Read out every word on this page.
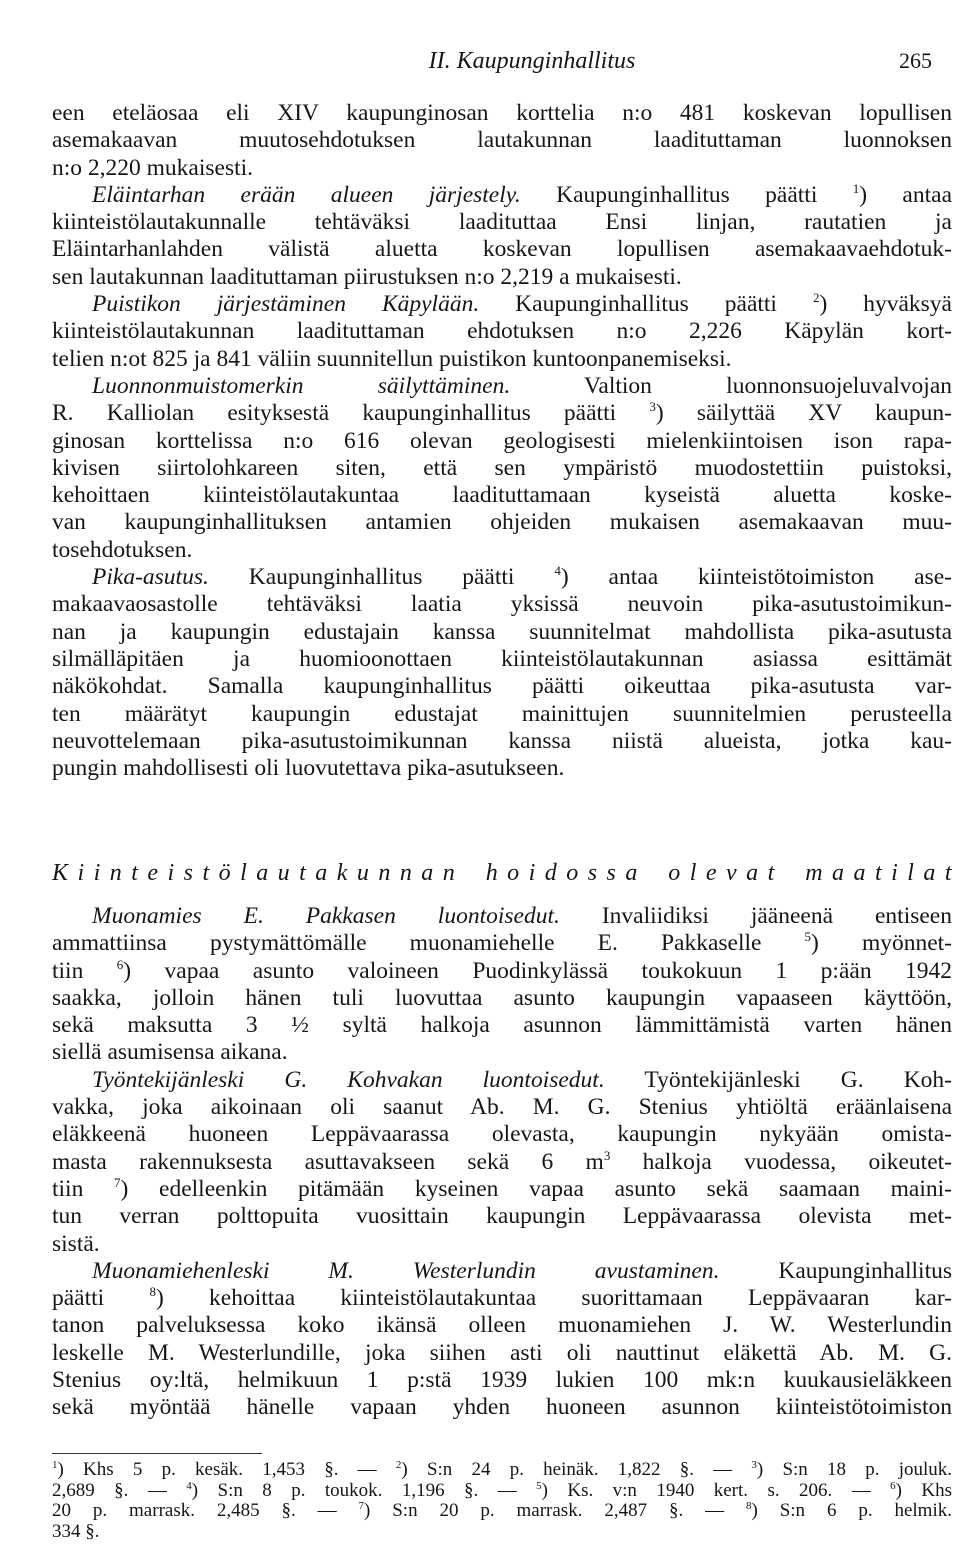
II. Kaupunginhallitus	265
een eteläosaa eli XIV kaupunginosan korttelia n:o 481 koskevan lopullisen
asemakaavan muutosehdotuksen lautakunnan laadituttaman luonnoksen
n:o 2,220 mukaisesti.
Eläintarhan erään alueen järjestely. Kaupunginhallitus päätti $^1$) antaa
kiinteistölautakunnalle tehtäväksi laadituttaa Ensi linjan, rautatien ja
Eläintarhanlahden välistä aluetta koskevan lopullisen asemakaavaehdotuk-
sen lautakunnan laadituttaman piirustuksen n:o 2,219 a mukaisesti.
Puistikon järjestäminen Käpylään. Kaupunginhallitus päätti $^2$) hyväksyä
kiinteistölautakunnan laadituttaman ehdotuksen n:o 2,226 Käpylän kort-
telien n:ot 825 ja 841 väliin suunnitellun puistikon kuntoonpanemiseksi.
Luonnonmuistomerkin säilyttäminen.	Valtion luonnonsuojeluvalvojan
R. Kalliolan esityksestä kaupunginhallitus päätti $^3$) säilyttää XV kaupun-
ginosan korttelissa n:o 616 olevan geologisesti mielenkiintoisen ison rapa-
kivisen siirtolohkareen siten, että sen ympäristö muodostettiin puistoksi,
kehoittaen kiinteistölautakuntaa laadituttamaan kyseistä aluetta koske-
van kaupunginhallituksen antamien ohjeiden mukaisen asemakaavan muu-
tosehdotuksen.
Pika-asutus. Kaupunginhallitus päätti $^4$) antaa kiinteistötoimiston ase-
makaavaosastolle tehtäväksi laatia yksissä neuvoin pika-asutustoimikun-
nan ja kaupungin edustajain kanssa suunnitelmat mahdollista pika-asutusta
silmälläpitäen ja huomioonottaen kiinteistölautakunnan asiassa esittämät
näkökohdat. Samalla kaupunginhallitus päätti oikeuttaa pika-asutusta var-
ten määrätyt kaupungin edustajat mainittujen suunnitelmien perusteella
neuvottelemaan pika-asutustoimikunnan kanssa niistä alueista, jotka kau-
pungin mahdollisesti oli luovutettava pika-asutukseen.
K i i n t e i s t ö l a u t a k u n n a n
h o i d o s s a
o l e v a t
m a a t i l a t
Muonamies E. Pakkasen luontoisedut. Invaliidiksi jääneenä entiseen
ammattiinsa pystymättömälle muonamiehelle E. Pakkaselle $^5$) myönnet-
tiin $^6$) vapaa asunto valoineen Puodinkylässä toukokuun 1 p:ään 1942
saakka, jolloin hänen tuli luovuttaa asunto kaupungin vapaaseen käyttöön,
sekä maksutta 3 ½ syltä halkoja asunnon lämmittämistä varten hänen
siellä asumisensa aikana.
Työntekijänleski G. Kohvakan luontoisedut. Työntekijänleski G. Koh-
vakka, joka aikoinaan oli saanut Ab. M. G. Stenius yhtiöltä eräänlaisena
eläkkeenä huoneen Leppävaarassa olevasta, kaupungin nykyään omista-
masta rakennuksesta asuttavakseen sekä 6 $m^3$ halkoja vuodessa, oikeutet-
tiin $^7$) edelleenkin pitämään kyseinen vapaa asunto sekä saamaan maini-
tun verran polttopuita vuosittain kaupungin Leppävaarassa olevista met-
sistä.
Muonamiehenleski M. Westerlundin avustaminen.	Kaupunginhallitus
päätti $^8$) kehoittaa kiinteistölautakuntaa suorittamaan Leppävaaran kar-
tanon palveluksessa koko ikänsä olleen muonamiehen J. W. Westerlundin
leskelle M. Westerlundille, joka siihen asti oli nauttinut eläkettä Ab. M. G.
Stenius oy:ltä, helmikuun 1 p:stä 1939 lukien 100 mk:n kuukausieläkkeen
sekä myöntää hänelle vapaan yhden huoneen asunnon kiinteistötoimiston
$^1$) Khs 5 p. kesäk. 1,453 §. — $^2$) S:n 24 p. heinäk. 1,822 §. — $^3$) S:n 18 p. jouluk.
2,689 §. — $^4$) S:n 8 p. toukok. 1,196 §. — $^5$) Ks. v:n 1940 kert. s. 206. — $^6$) Khs
20 p. marrask. 2,485 §. — $^7$) S:n 20 p. marrask. 2,487 §. — $^8$) S:n 6 p. helmik.
334 §.
